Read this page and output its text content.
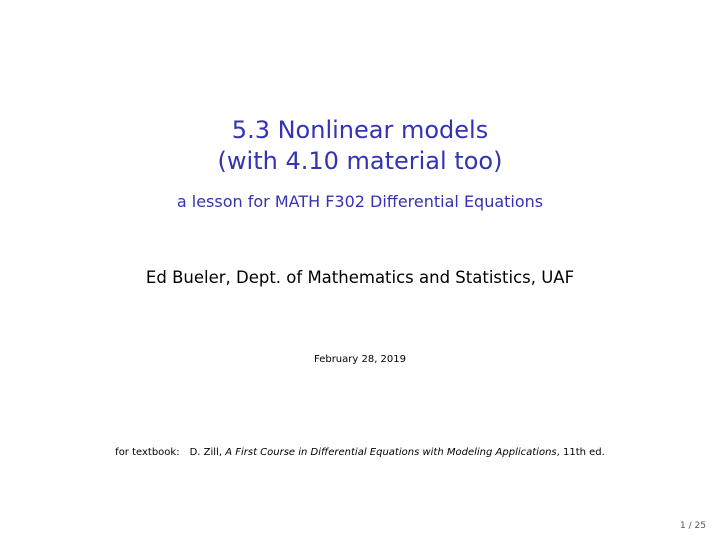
5.3 Nonlinear models
(with 4.10 material too)
a lesson for MATH F302 Differential Equations
Ed Bueler, Dept. of Mathematics and Statistics, UAF
February 28, 2019
for textbook: D. Zill, A First Course in Differential Equations with Modeling Applications, 11th ed.
1 / 25
